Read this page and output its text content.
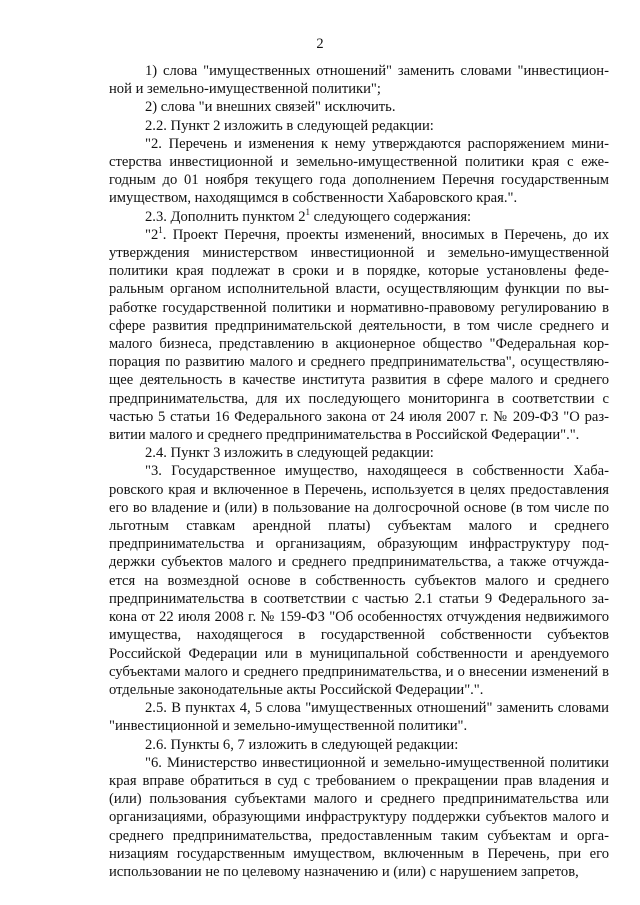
2

1) слова "имущественных отношений" заменить словами "инвестиционной и земельно-имущественной политики";

2) слова "и внешних связей" исключить.

2.2. Пункт 2 изложить в следующей редакции:

"2. Перечень и изменения к нему утверждаются распоряжением министерства инвестиционной и земельно-имущественной политики края с ежегодным до 01 ноября текущего года дополнением Перечня государственным имуществом, находящимся в собственности Хабаровского края.".

2.3. Дополнить пунктом $2^1$ следующего содержания:

"$2^1$. Проект Перечня, проекты изменений, вносимых в Перечень, до их утверждения министерством инвестиционной и земельно-имущественной политики края подлежат в сроки и в порядке, которые установлены федеральным органом исполнительной власти, осуществляющим функции по выработке государственной политики и нормативно-правовому регулированию в сфере развития предпринимательской деятельности, в том числе среднего и малого бизнеса, представлению в акционерное общество "Федеральная корпорация по развитию малого и среднего предпринимательства", осуществляющее деятельность в качестве института развития в сфере малого и среднего предпринимательства, для их последующего мониторинга в соответствии с частью 5 статьи 16 Федерального закона от 24 июля 2007 г. № 209-ФЗ "О развитии малого и среднего предпринимательства в Российской Федерации".".

2.4. Пункт 3 изложить в следующей редакции:

"3. Государственное имущество, находящееся в собственности Хабаровского края и включенное в Перечень, используется в целях предоставления его во владение и (или) в пользование на долгосрочной основе (в том числе по льготным ставкам арендной платы) субъектам малого и среднего предпринимательства и организациям, образующим инфраструктуру поддержки субъектов малого и среднего предпринимательства, а также отчуждается на возмездной основе в собственность субъектов малого и среднего предпринимательства в соответствии с частью 2.1 статьи 9 Федерального закона от 22 июля 2008 г. № 159-ФЗ "Об особенностях отчуждения недвижимого имущества, находящегося в государственной собственности субъектов Российской Федерации или в муниципальной собственности и арендуемого субъектами малого и среднего предпринимательства, и о внесении изменений в отдельные законодательные акты Российской Федерации".".

2.5. В пунктах 4, 5 слова "имущественных отношений" заменить словами "инвестиционной и земельно-имущественной политики".

2.6. Пункты 6, 7 изложить в следующей редакции:

"6. Министерство инвестиционной и земельно-имущественной политики края вправе обратиться в суд с требованием о прекращении прав владения и (или) пользования субъектами малого и среднего предпринимательства или организациями, образующими инфраструктуру поддержки субъектов малого и среднего предпринимательства, предоставленным таким субъектам и организациям государственным имуществом, включенным в Перечень, при его использовании не по целевому назначению и (или) с нарушением запретов,
